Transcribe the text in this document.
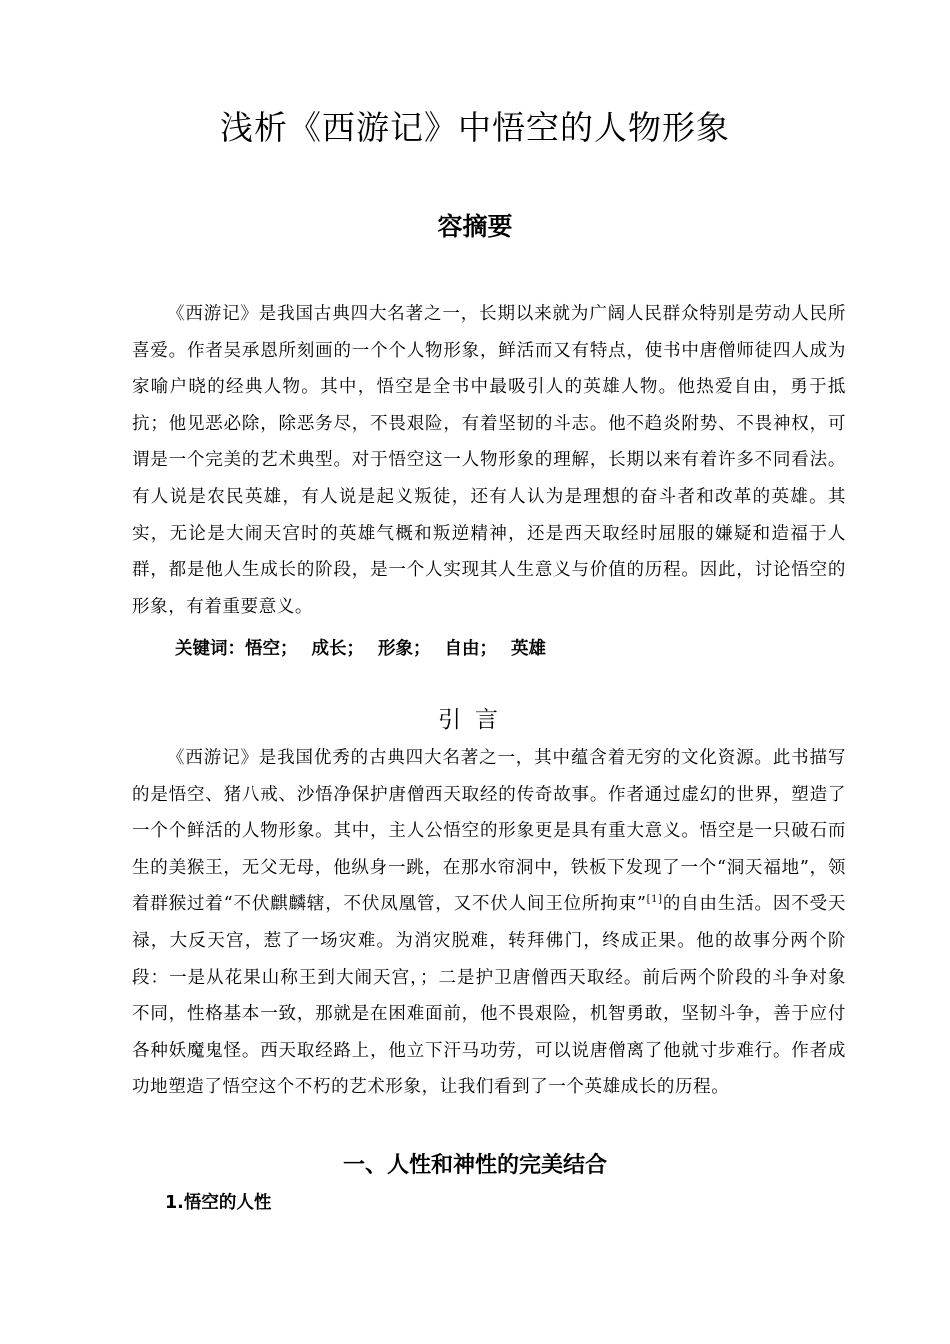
浅析《西游记》中悟空的人物形象
容摘要

《西游记》是我国古典四大名著之一，长期以来就为广阔人民群众特别是劳动人民所喜爱。作者吴承恩所刻画的一个个人物形象，鲜活而又有特点，使书中唐僧师徒四人成为家喻户晓的经典人物。其中，悟空是全书中最吸引人的英雄人物。他热爱自由，勇于抵抗；他见恶必除，除恶务尽，不畏艰险，有着坚韧的斗志。他不趋炎附势、不畏神权，可谓是一个完美的艺术典型。对于悟空这一人物形象的理解，长期以来有着许多不同看法。有人说是农民英雄，有人说是起义叛徒，还有人认为是理想的奋斗者和改革的英雄。其实，无论是大闹天宫时的英雄气概和叛逆精神，还是西天取经时屈服的嫌疑和造福于人群，都是他人生成长的阶段，是一个人实现其人生意义与价值的历程。因此，讨论悟空的形象，有着重要意义。

关键词：悟空； 成长； 形象； 自由； 英雄
引言

《西游记》是我国优秀的古典四大名著之一，其中蕴含着无穷的文化资源。此书描写的是悟空、猪八戒、沙悟净保护唐僧西天取经的传奇故事。作者通过虚幻的世界，塑造了一个个鲜活的人物形象。其中，主人公悟空的形象更是具有重大意义。悟空是一只破石而生的美猴王，无父无母，他纵身一跳，在那水帘洞中，铁板下发现了一个“洞天福地”，领着群猴过着“不伏麒麟辖，不伏凤凰管，又不伏人间王位所拘束”[1]的自由生活。因不受天禄，大反天宫，惹了一场灾难。为消灾脱难，转拜佛门，终成正果。他的故事分两个阶段：一是从花果山称王到大闹天宫，；二是护卫唐僧西天取经。前后两个阶段的斗争对象不同，性格基本一致，那就是在困难面前，他不畏艰险，机智勇敢，坚韧斗争，善于应付各种妖魔鬼怪。西天取经路上，他立下汗马功劳，可以说唐僧离了他就寸步难行。作者成功地塑造了悟空这个不朽的艺术形象，让我们看到了一个英雄成长的历程。

一、人性和神性的完美结合
1.悟空的人性
